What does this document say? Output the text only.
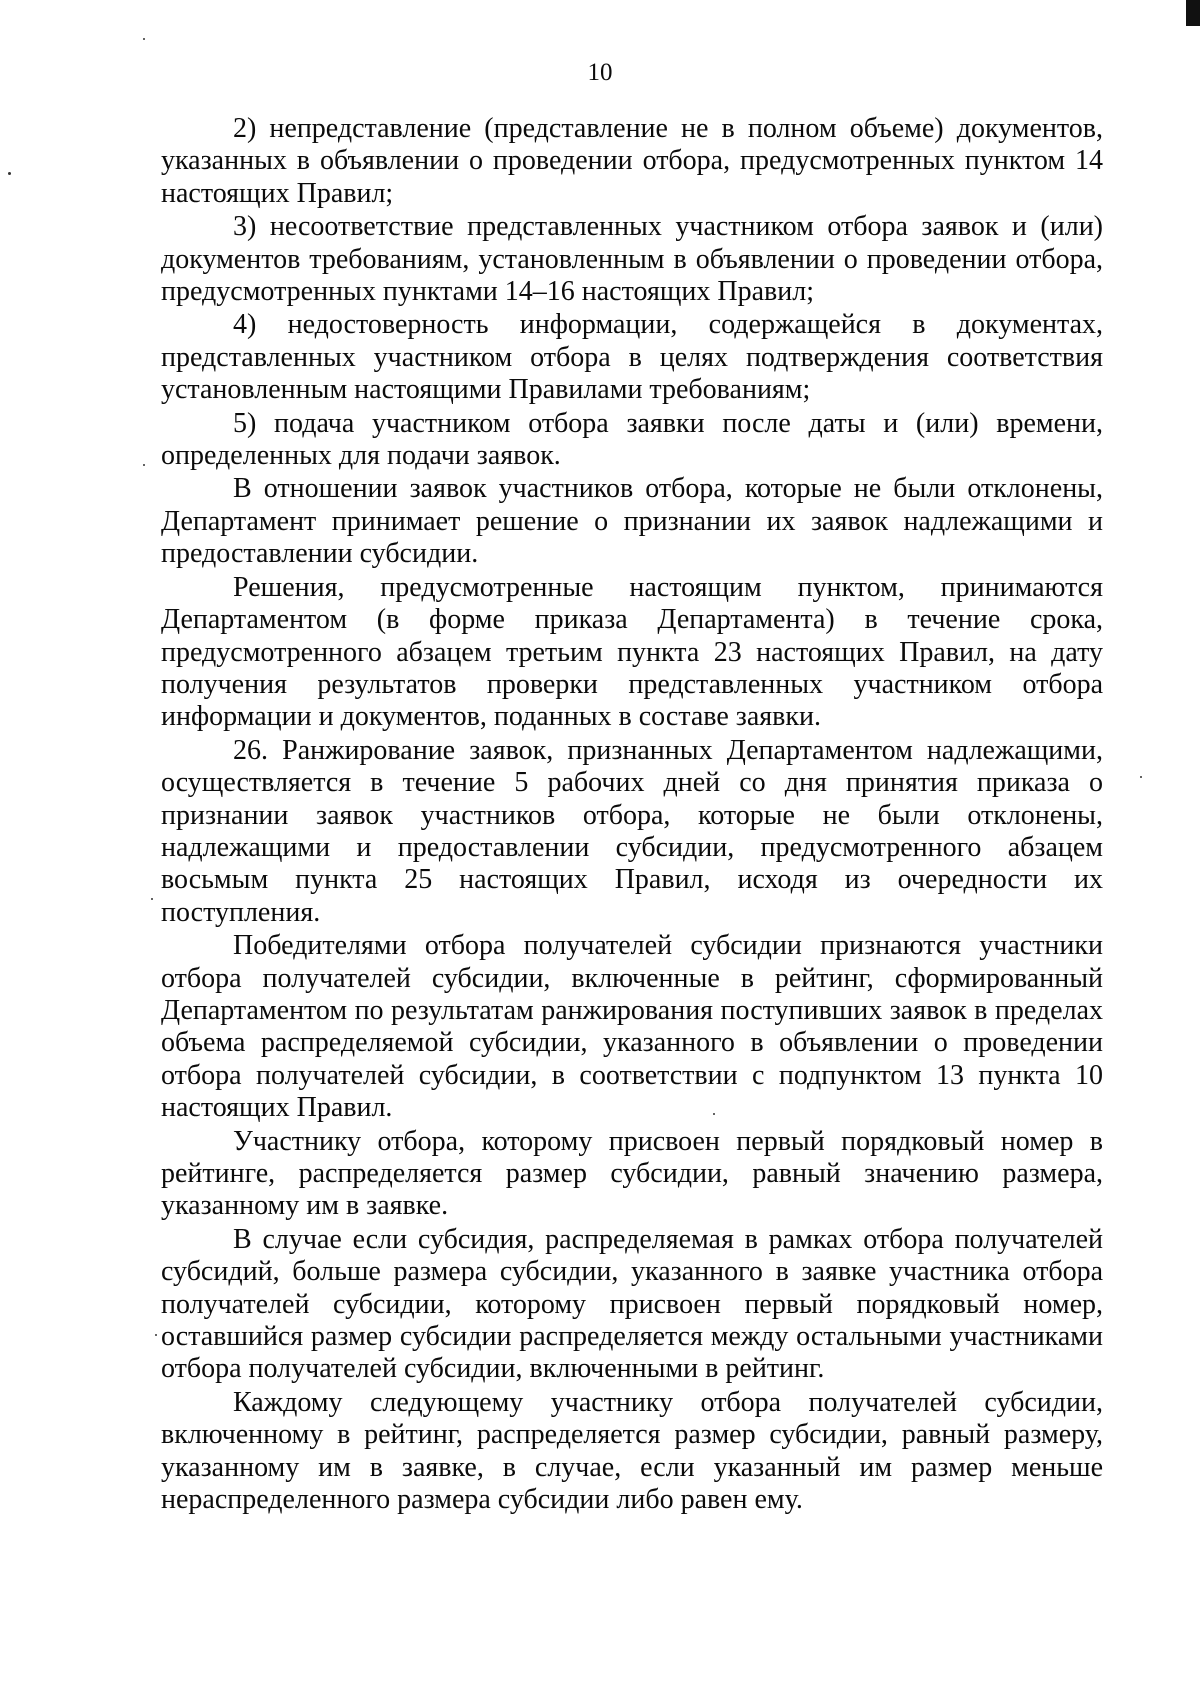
10

2) непредставление (представление не в полном объеме) документов, указанных в объявлении о проведении отбора, предусмотренных пунктом 14 настоящих Правил;

3) несоответствие представленных участником отбора заявок и (или) документов требованиям, установленным в объявлении о проведении отбора, предусмотренных пунктами 14–16 настоящих Правил;

4) недостоверность информации, содержащейся в документах, представленных участником отбора в целях подтверждения соответствия установленным настоящими Правилами требованиям;

5) подача участником отбора заявки после даты и (или) времени, определенных для подачи заявок.

В отношении заявок участников отбора, которые не были отклонены, Департамент принимает решение о признании их заявок надлежащими и предоставлении субсидии.

Решения, предусмотренные настоящим пунктом, принимаются Департаментом (в форме приказа Департамента) в течение срока, предусмотренного абзацем третьим пункта 23 настоящих Правил, на дату получения результатов проверки представленных участником отбора информации и документов, поданных в составе заявки.

26. Ранжирование заявок, признанных Департаментом надлежащими, осуществляется в течение 5 рабочих дней со дня принятия приказа о признании заявок участников отбора, которые не были отклонены, надлежащими и предоставлении субсидии, предусмотренного абзацем восьмым пункта 25 настоящих Правил, исходя из очередности их поступления.

Победителями отбора получателей субсидии признаются участники отбора получателей субсидии, включенные в рейтинг, сформированный Департаментом по результатам ранжирования поступивших заявок в пределах объема распределяемой субсидии, указанного в объявлении о проведении отбора получателей субсидии, в соответствии с подпунктом 13 пункта 10 настоящих Правил.

Участнику отбора, которому присвоен первый порядковый номер в рейтинге, распределяется размер субсидии, равный значению размера, указанному им в заявке.

В случае если субсидия, распределяемая в рамках отбора получателей субсидий, больше размера субсидии, указанного в заявке участника отбора получателей субсидии, которому присвоен первый порядковый номер, оставшийся размер субсидии распределяется между остальными участниками отбора получателей субсидии, включенными в рейтинг.

Каждому следующему участнику отбора получателей субсидии, включенному в рейтинг, распределяется размер субсидии, равный размеру, указанному им в заявке, в случае, если указанный им размер меньше нераспределенного размера субсидии либо равен ему.
